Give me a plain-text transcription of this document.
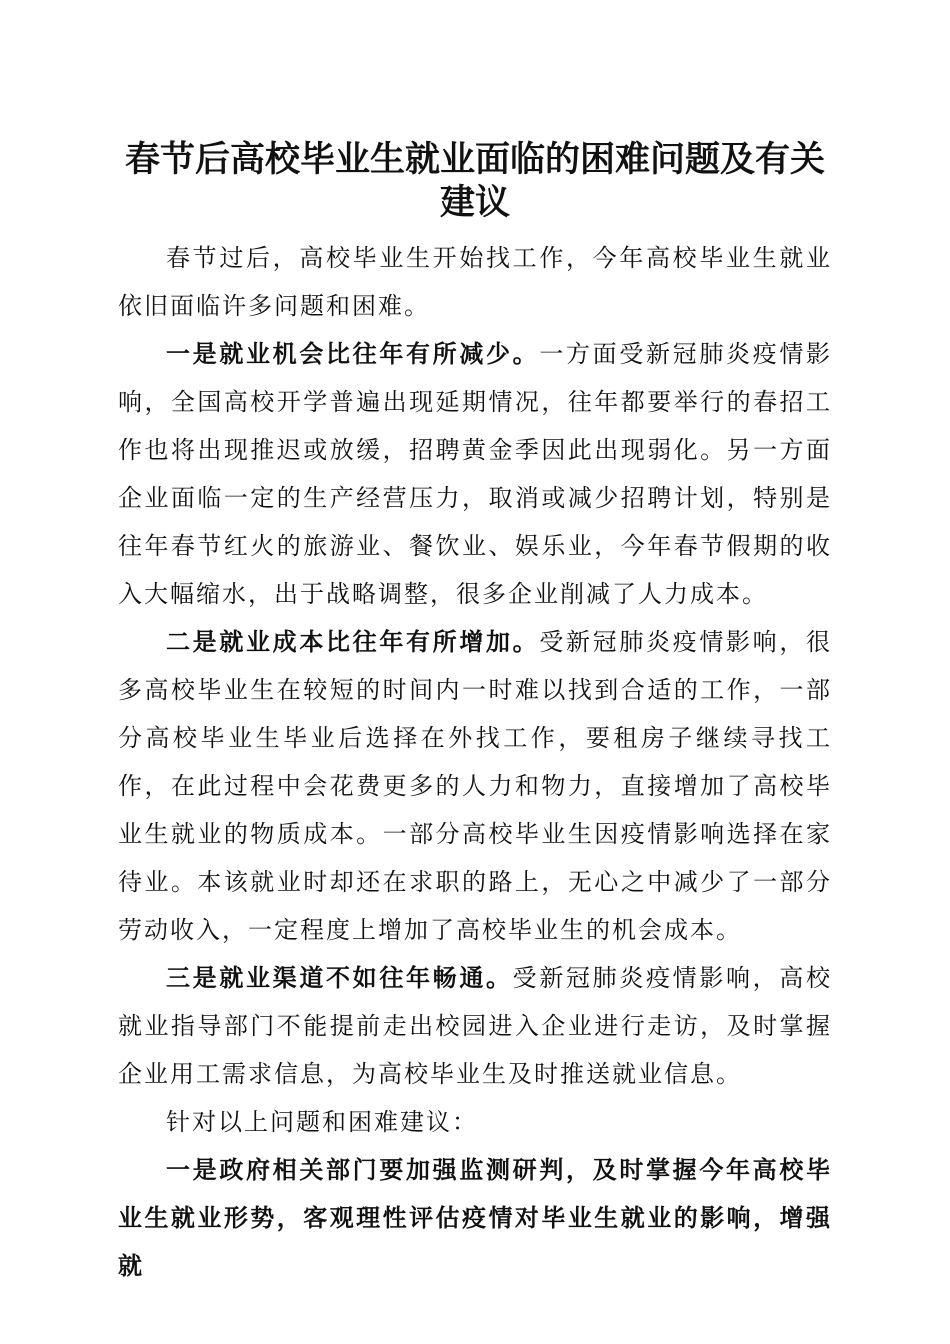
春节后高校毕业生就业面临的困难问题及有关
建议

春节过后，高校毕业生开始找工作，今年高校毕业生就业依旧面临许多问题和困难。

一是就业机会比往年有所减少。一方面受新冠肺炎疫情影响，全国高校开学普遍出现延期情况，往年都要举行的春招工作也将出现推迟或放缓，招聘黄金季因此出现弱化。另一方面企业面临一定的生产经营压力，取消或减少招聘计划，特别是往年春节红火的旅游业、餐饮业、娱乐业，今年春节假期的收入大幅缩水，出于战略调整，很多企业削减了人力成本。

二是就业成本比往年有所增加。受新冠肺炎疫情影响，很多高校毕业生在较短的时间内一时难以找到合适的工作，一部分高校毕业生毕业后选择在外找工作，要租房子继续寻找工作，在此过程中会花费更多的人力和物力，直接增加了高校毕业生就业的物质成本。一部分高校毕业生因疫情影响选择在家待业。本该就业时却还在求职的路上，无心之中减少了一部分劳动收入，一定程度上增加了高校毕业生的机会成本。

三是就业渠道不如往年畅通。受新冠肺炎疫情影响，高校就业指导部门不能提前走出校园进入企业进行走访，及时掌握企业用工需求信息，为高校毕业生及时推送就业信息。

针对以上问题和困难建议：

一是政府相关部门要加强监测研判，及时掌握今年高校毕业生就业形势，客观理性评估疫情对毕业生就业的影响，增强就
